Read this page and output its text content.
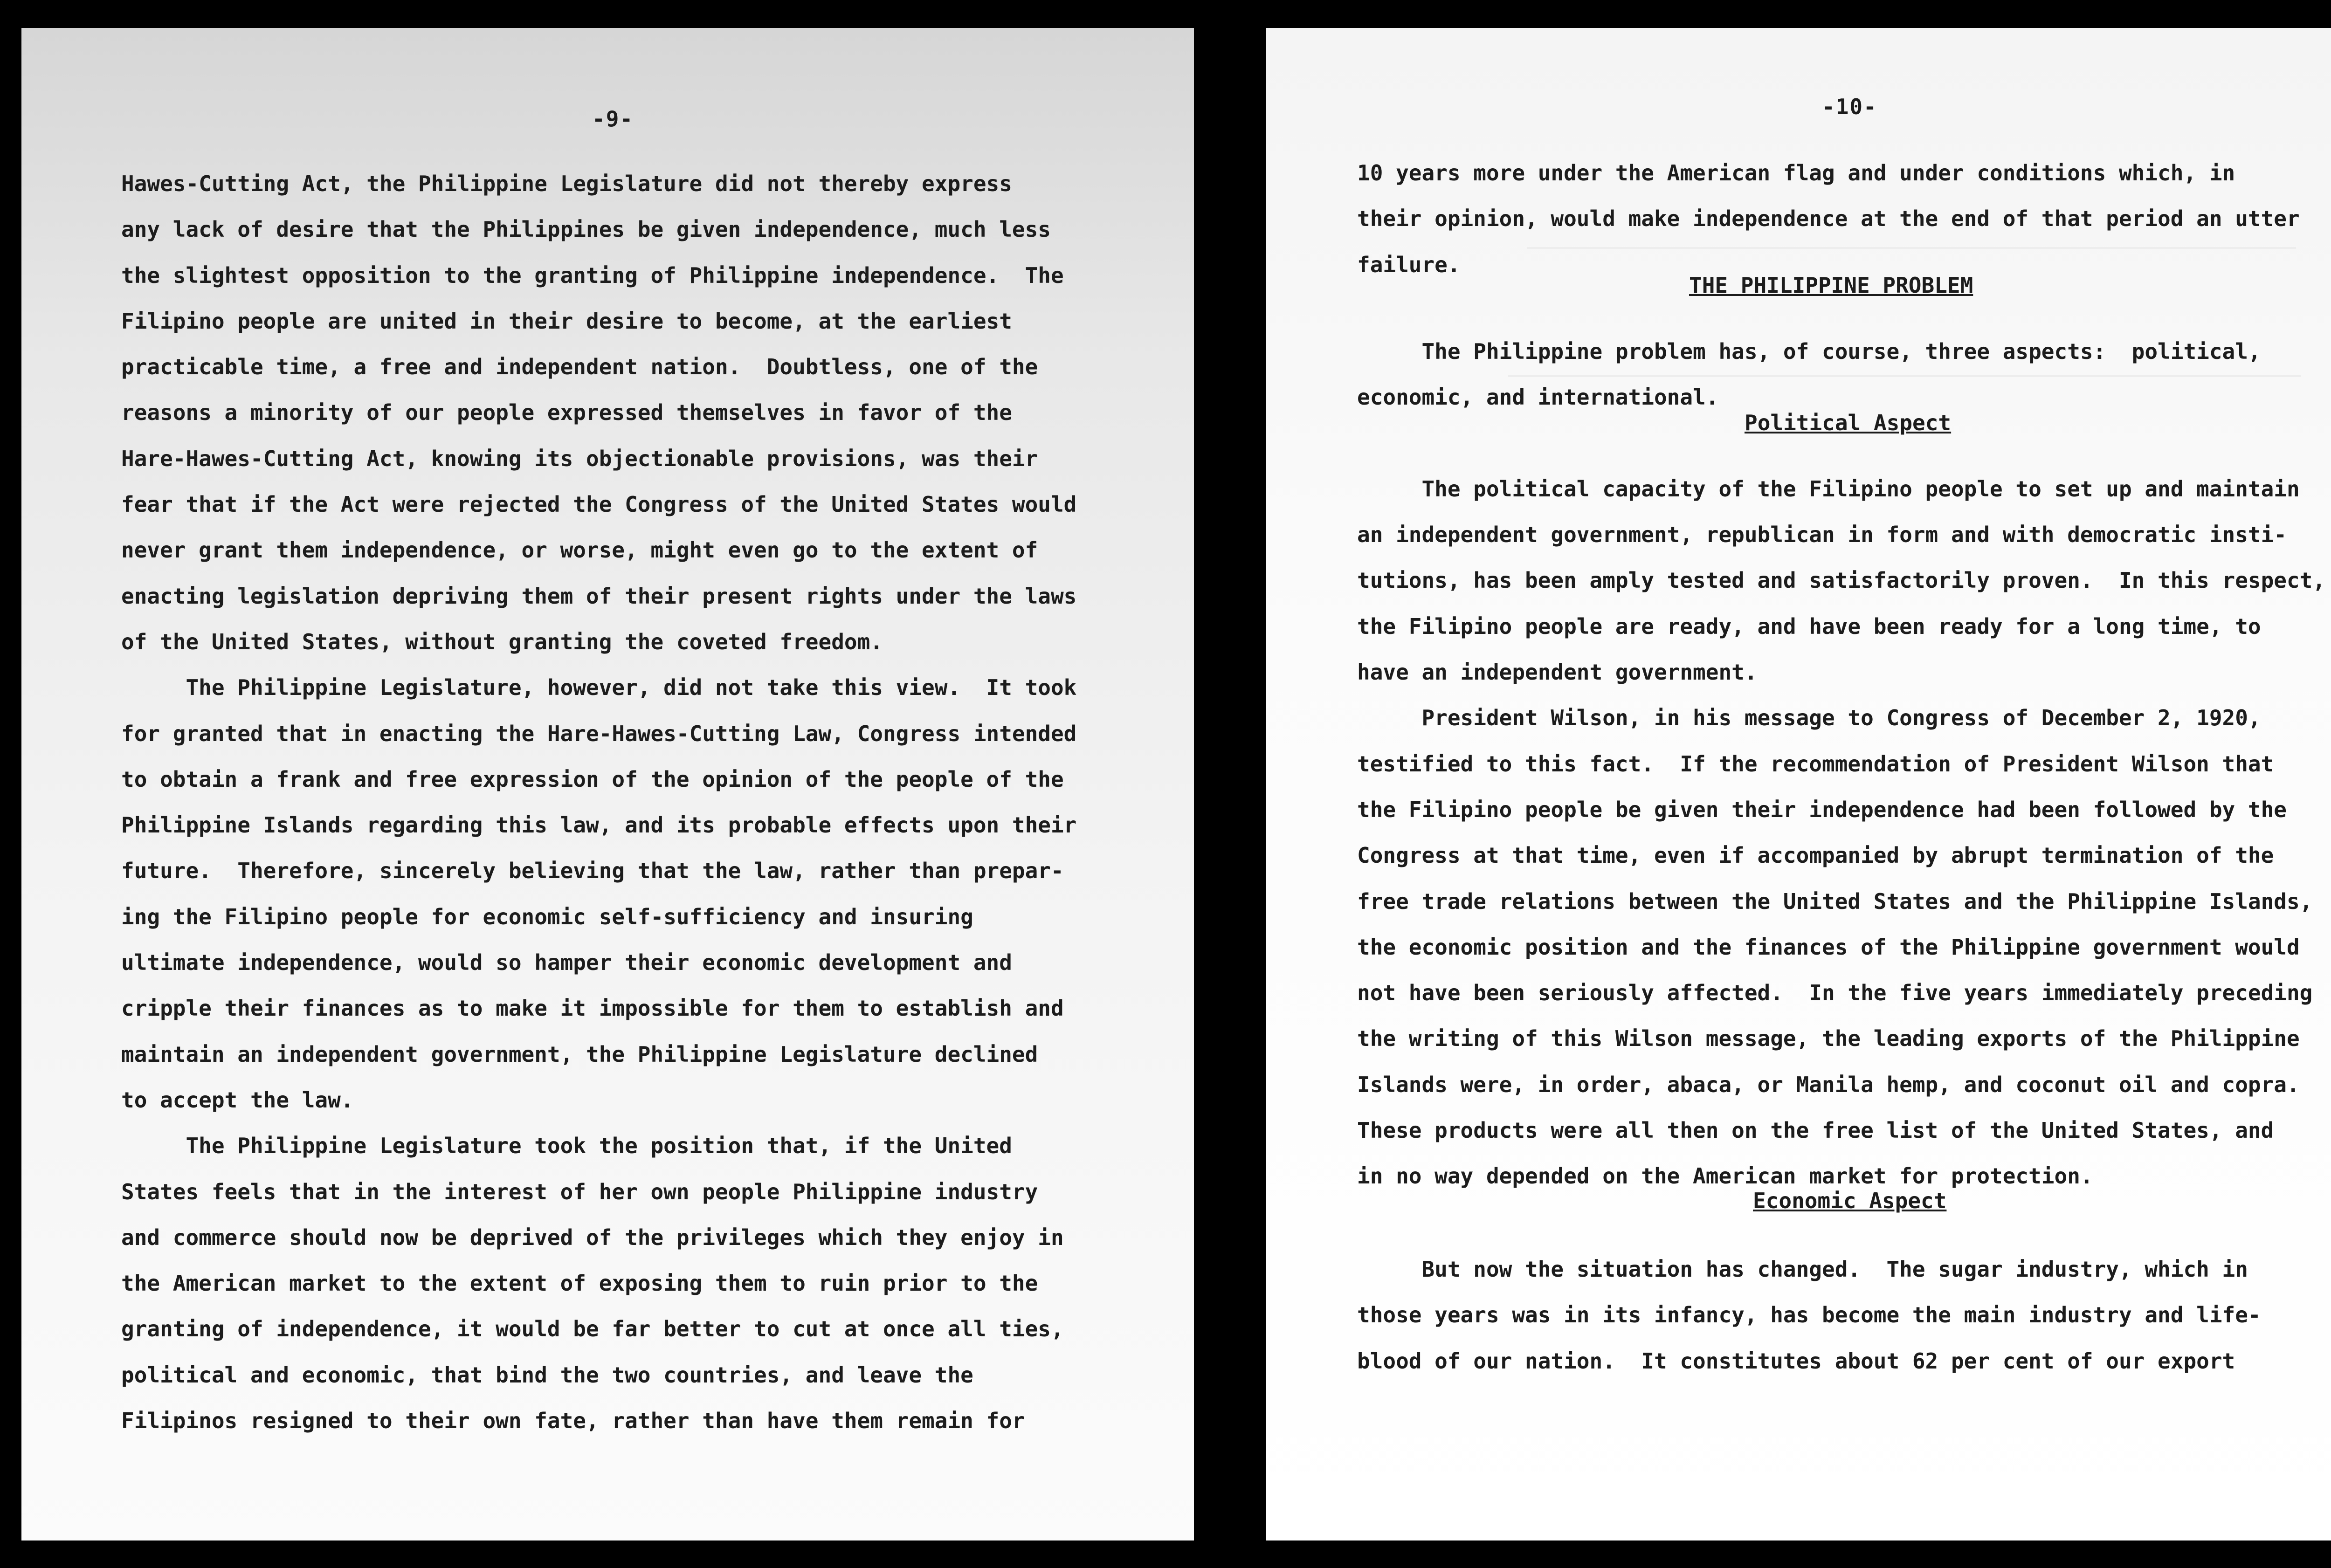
-9-
Hawes-Cutting Act, the Philippine Legislature did not thereby express
any lack of desire that the Philippines be given independence, much less
the slightest opposition to the granting of Philippine independence.  The
Filipino people are united in their desire to become, at the earliest
practicable time, a free and independent nation.  Doubtless, one of the
reasons a minority of our people expressed themselves in favor of the
Hare-Hawes-Cutting Act, knowing its objectionable provisions, was their
fear that if the Act were rejected the Congress of the United States would
never grant them independence, or worse, might even go to the extent of
enacting legislation depriving them of their present rights under the laws
of the United States, without granting the coveted freedom.
The Philippine Legislature, however, did not take this view.  It took
for granted that in enacting the Hare-Hawes-Cutting Law, Congress intended
to obtain a frank and free expression of the opinion of the people of the
Philippine Islands regarding this law, and its probable effects upon their
future.  Therefore, sincerely believing that the law, rather than prepar-
ing the Filipino people for economic self-sufficiency and insuring
ultimate independence, would so hamper their economic development and
cripple their finances as to make it impossible for them to establish and
maintain an independent government, the Philippine Legislature declined
to accept the law.
The Philippine Legislature took the position that, if the United
States feels that in the interest of her own people Philippine industry
and commerce should now be deprived of the privileges which they enjoy in
the American market to the extent of exposing them to ruin prior to the
granting of independence, it would be far better to cut at once all ties,
political and economic, that bind the two countries, and leave the
Filipinos resigned to their own fate, rather than have them remain for
-10-
10 years more under the American flag and under conditions which, in
their opinion, would make independence at the end of that period an utter
failure.
THE PHILIPPINE PROBLEM
The Philippine problem has, of course, three aspects:  political,
economic, and international.
The political capacity of the Filipino people to set up and maintain
an independent government, republican in form and with democratic insti-
tutions, has been amply tested and satisfactorily proven.  In this respect,
the Filipino people are ready, and have been ready for a long time, to
have an independent government.
President Wilson, in his message to Congress of December 2, 1920,
testified to this fact.  If the recommendation of President Wilson that
the Filipino people be given their independence had been followed by the
Congress at that time, even if accompanied by abrupt termination of the
free trade relations between the United States and the Philippine Islands,
the economic position and the finances of the Philippine government would
not have been seriously affected.  In the five years immediately preceding
the writing of this Wilson message, the leading exports of the Philippine
Islands were, in order, abaca, or Manila hemp, and coconut oil and copra.
These products were all then on the free list of the United States, and
in no way depended on the American market for protection.
Political Aspect
Economic Aspect
But now the situation has changed.  The sugar industry, which in
those years was in its infancy, has become the main industry and life-
blood of our nation.  It constitutes about 62 per cent of our export
